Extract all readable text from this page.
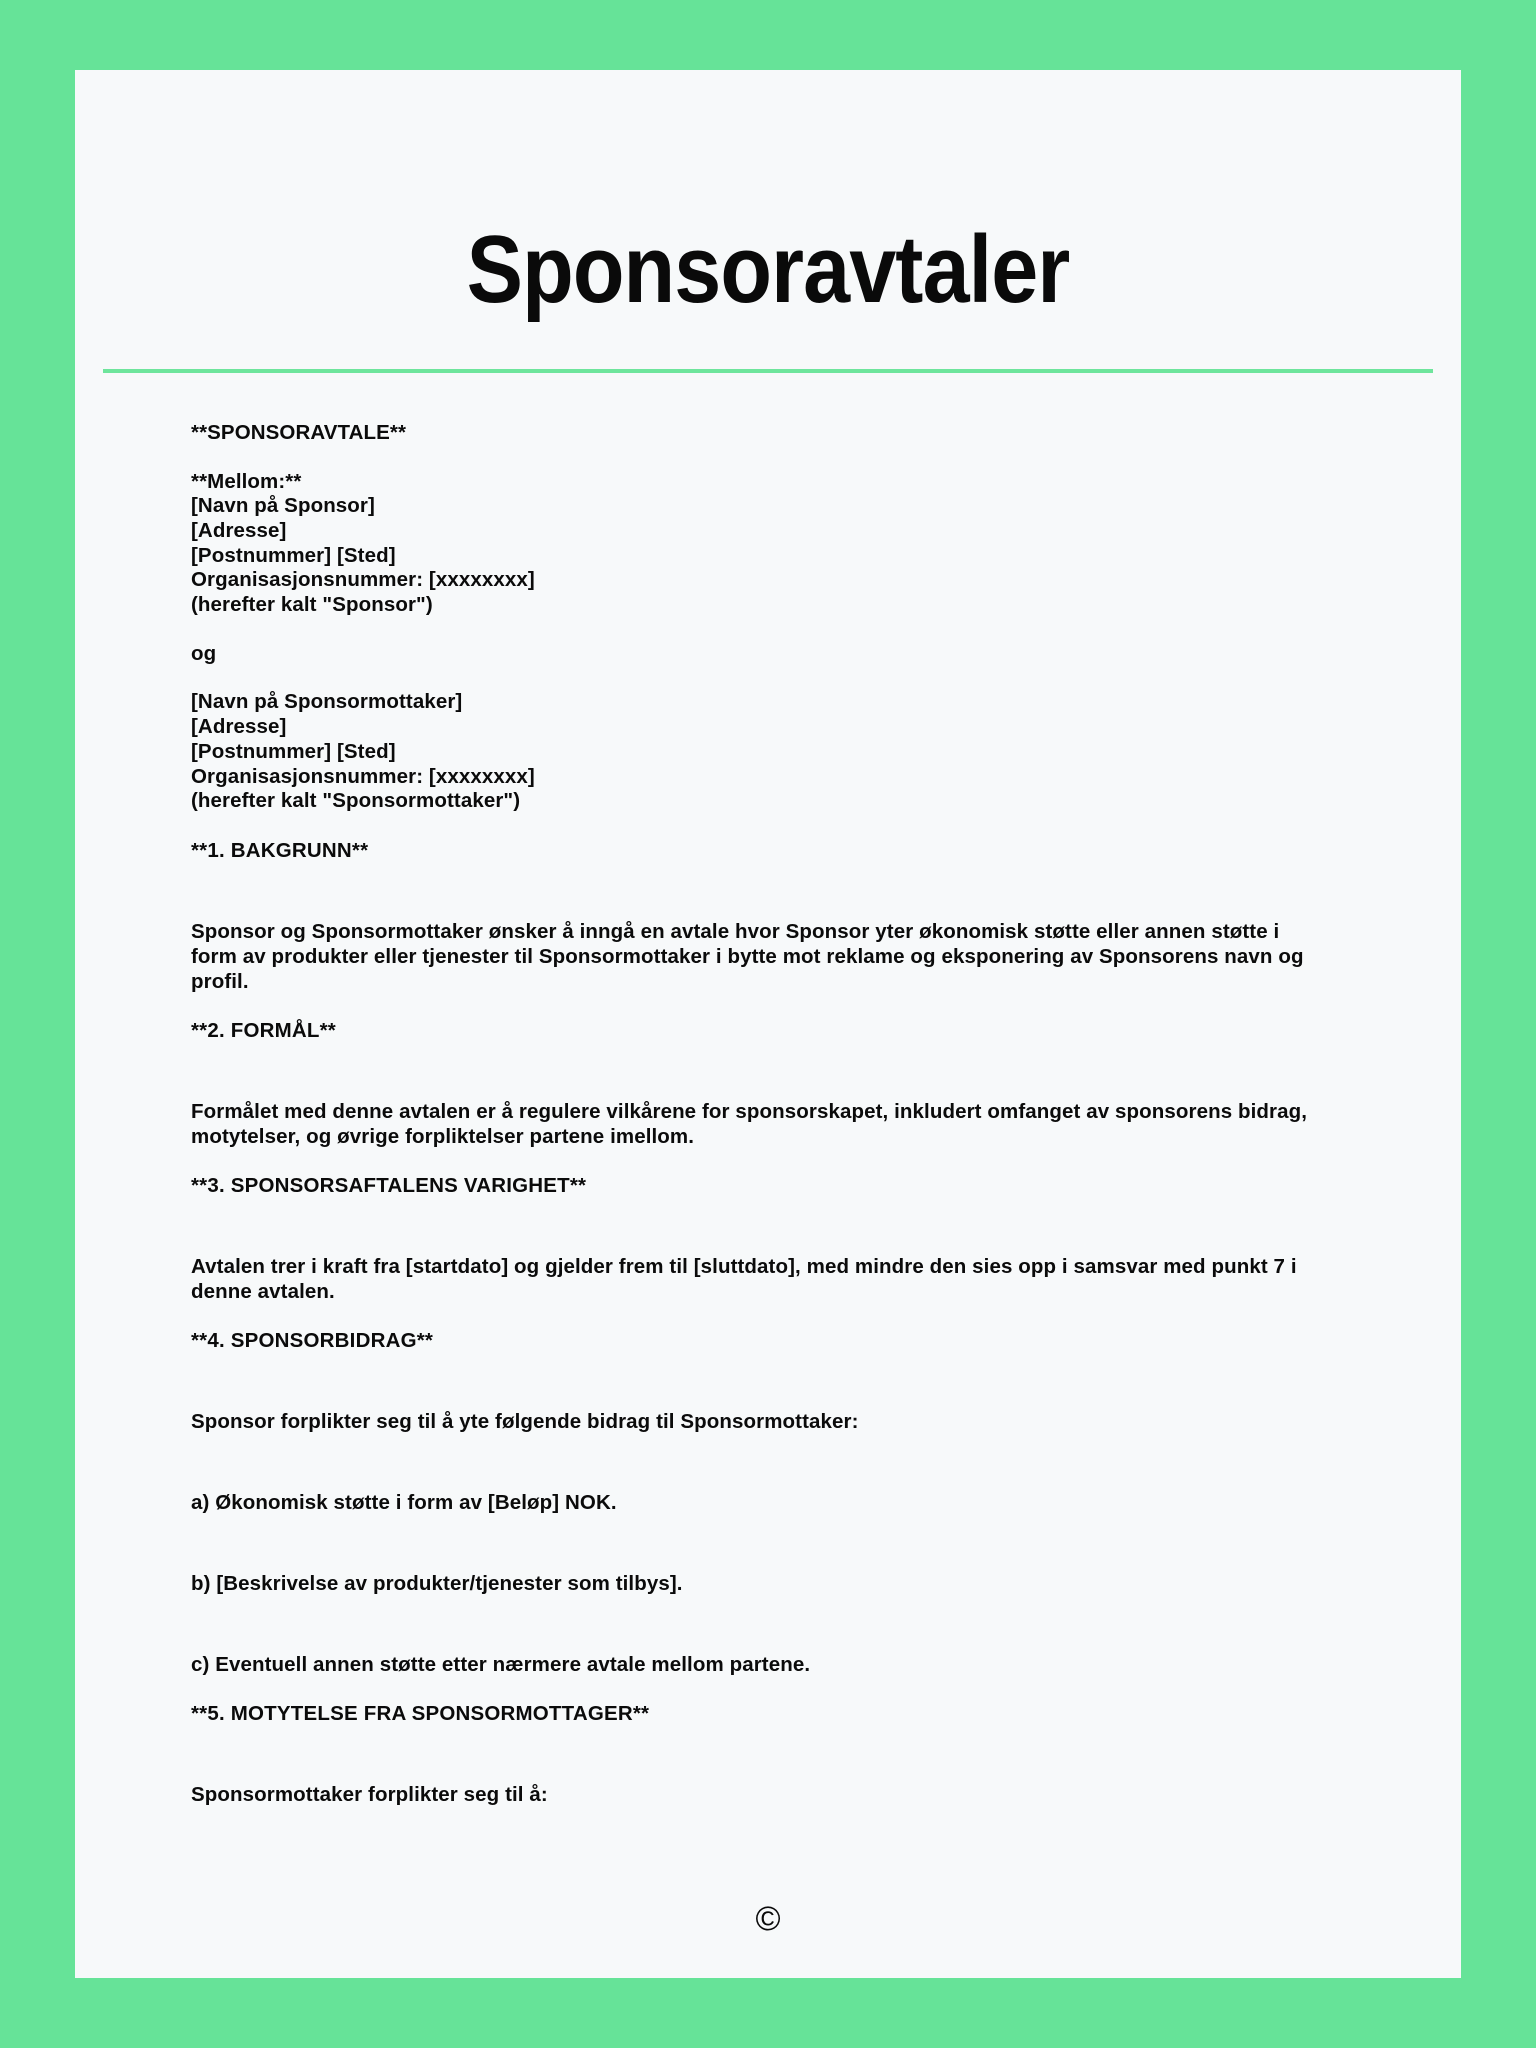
Sponsoravtaler
**SPONSORAVTALE**
**Mellom:**
[Navn på Sponsor]
[Adresse]
[Postnummer] [Sted]
Organisasjonsnummer: [xxxxxxxx]
(herefter kalt "Sponsor")
og
[Navn på Sponsormottaker]
[Adresse]
[Postnummer] [Sted]
Organisasjonsnummer: [xxxxxxxx]
(herefter kalt "Sponsormottaker")
**1. BAKGRUNN**
Sponsor og Sponsormottaker ønsker å inngå en avtale hvor Sponsor yter økonomisk støtte eller annen støtte i form av produkter eller tjenester til Sponsormottaker i bytte mot reklame og eksponering av Sponsorens navn og profil.
**2. FORMÅL**
Formålet med denne avtalen er å regulere vilkårene for sponsorskapet, inkludert omfanget av sponsorens bidrag, motytelser, og øvrige forpliktelser partene imellom.
**3. SPONSORSAFTALENS VARIGHET**
Avtalen trer i kraft fra [startdato] og gjelder frem til [sluttdato], med mindre den sies opp i samsvar med punkt 7 i denne avtalen.
**4. SPONSORBIDRAG**
Sponsor forplikter seg til å yte følgende bidrag til Sponsormottaker:
a) Økonomisk støtte i form av [Beløp] NOK.
b) [Beskrivelse av produkter/tjenester som tilbys].
c) Eventuell annen støtte etter nærmere avtale mellom partene.
**5. MOTYTELSE FRA SPONSORMOTTAGER**
Sponsormottaker forplikter seg til å:
©
